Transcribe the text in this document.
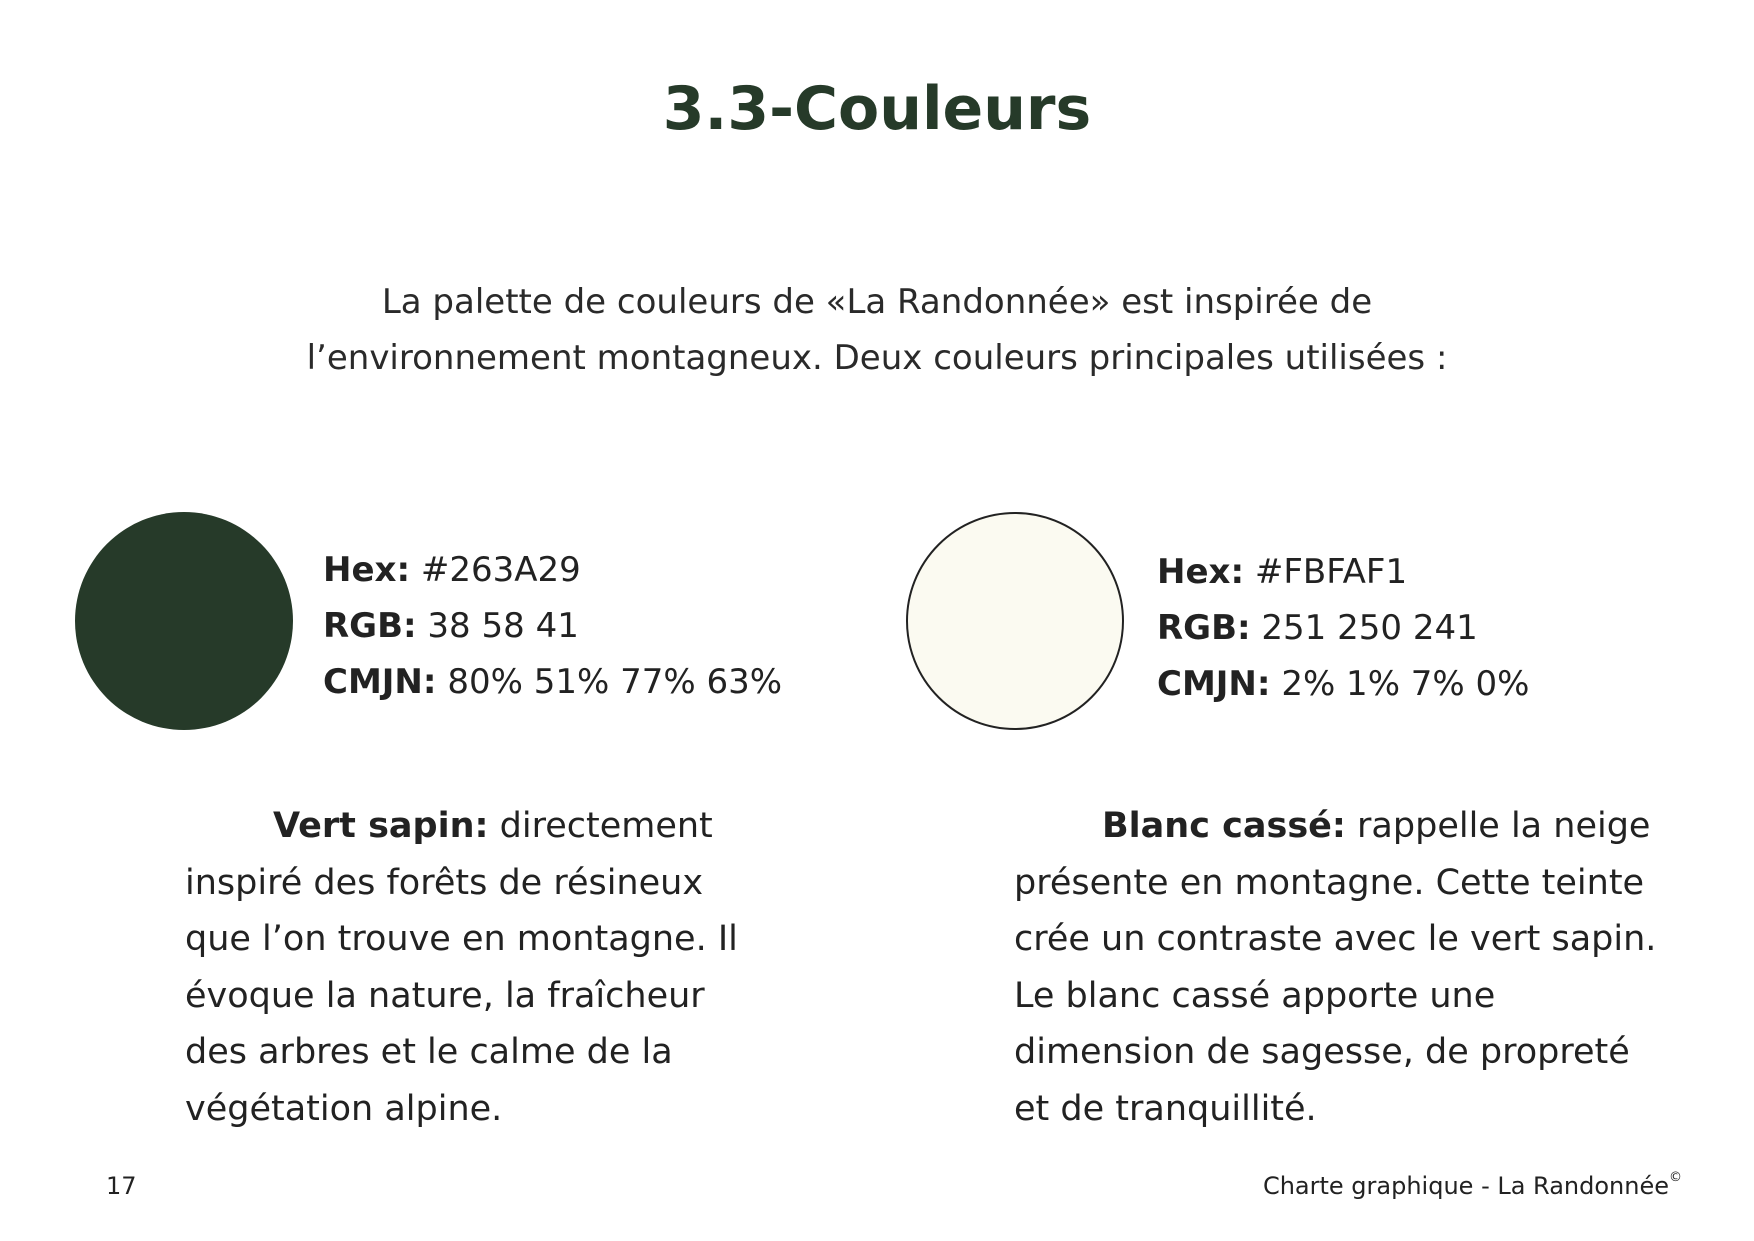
3.3-Couleurs
La palette de couleurs de «La Randonnée» est inspirée de
l’environnement montagneux. Deux couleurs principales utilisées :
Hex: #263A29
RGB: 38 58 41
CMJN: 80% 51% 77% 63%
Hex: #FBFAF1
RGB: 251 250 241
CMJN: 2% 1% 7% 0%

Vert sapin: directement inspiré des forêts de résineux que l’on trouve en montagne. Il évoque la nature, la fraîcheur des arbres et le calme de la végétation alpine.

Blanc cassé: rappelle la neige présente en montagne. Cette teinte crée un contraste avec le vert sapin. Le blanc cassé apporte une dimension de sagesse, de propreté et de tranquillité.

17	Charte graphique - La Randonnée©
